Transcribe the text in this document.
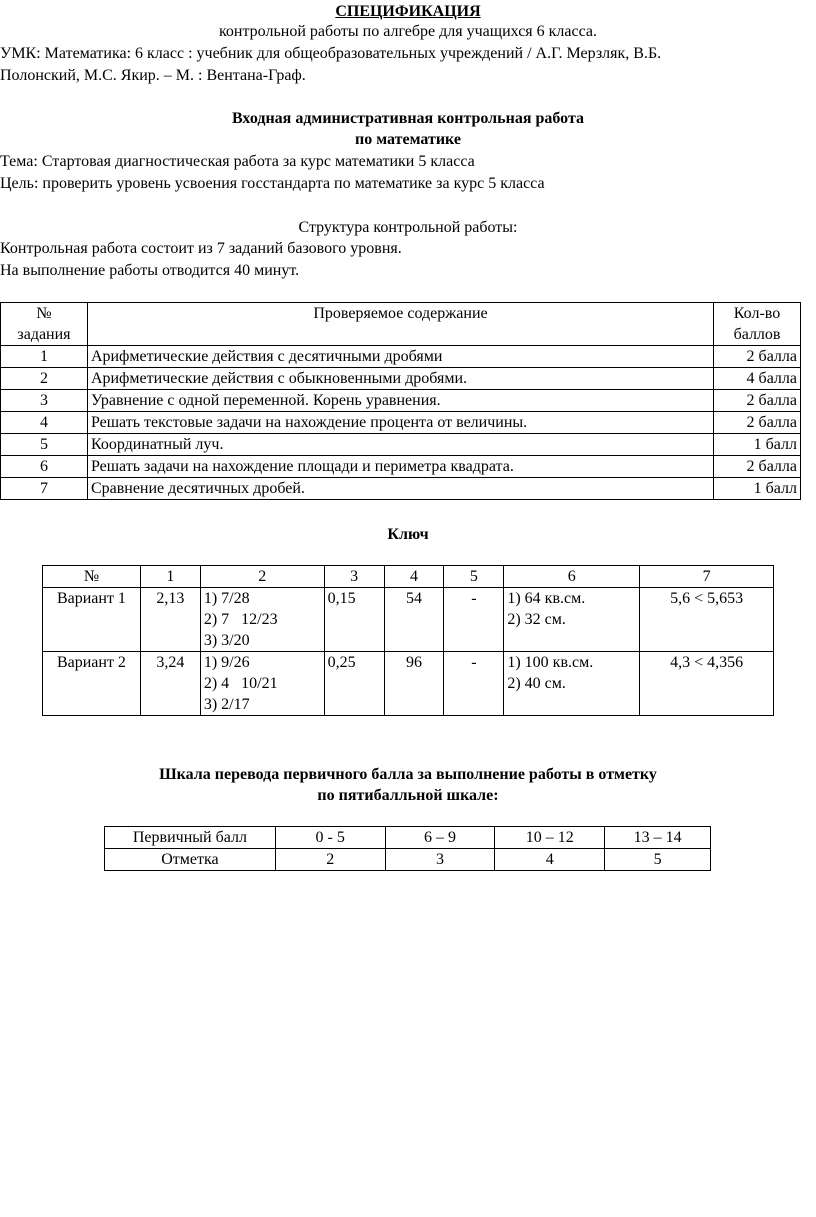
СПЕЦИФИКАЦИЯ
контрольной работы по алгебре для учащихся 6 класса.
УМК: Математика: 6 класс : учебник для общеобразовательных учреждений / А.Г. Мерзляк, В.Б.
Полонский, М.С. Якир. – М. : Вентана-Граф.
Входная административная контрольная работа
по математике
Тема: Стартовая диагностическая работа за курс математики 5 класса
Цель: проверить уровень усвоения госстандарта по математике за курс 5 класса
Структура контрольной работы:
Контрольная работа состоит из 7 заданий базового уровня.
На выполнение работы отводится 40 минут.
№
задания	Проверяемое содержание	Кол-во
баллов

1	Арифметические действия с десятичными дробями	2 балла
2	Арифметические действия с обыкновенными дробями.	4 балла
3	Уравнение с одной переменной. Корень уравнения.	2 балла
4	Решать текстовые задачи на нахождение процента от величины.	2 балла
5	Координатный луч.	1 балл
6	Решать задачи на нахождение площади и периметра квадрата.	2 балла
7	Сравнение десятичных дробей.	1 балл
Ключ
№	1	2	3	4	5	6	7
Вариант 1	2,13	1) 7/28
2) 7   12/23
3) 3/20	0,15	54	-	1) 64 кв.см.
2) 32 см.	5,6 < 5,653
Вариант 2	3,24	1) 9/26
2) 4   10/21
3) 2/17	0,25	96	-	1) 100 кв.см.
2) 40 см.	4,3 < 4,356
Шкала перевода первичного балла за выполнение работы в отметку
по пятибалльной шкале:
Первичный балл	0 - 5	6 – 9	10 – 12	13 – 14
Отметка	2	3	4	5
